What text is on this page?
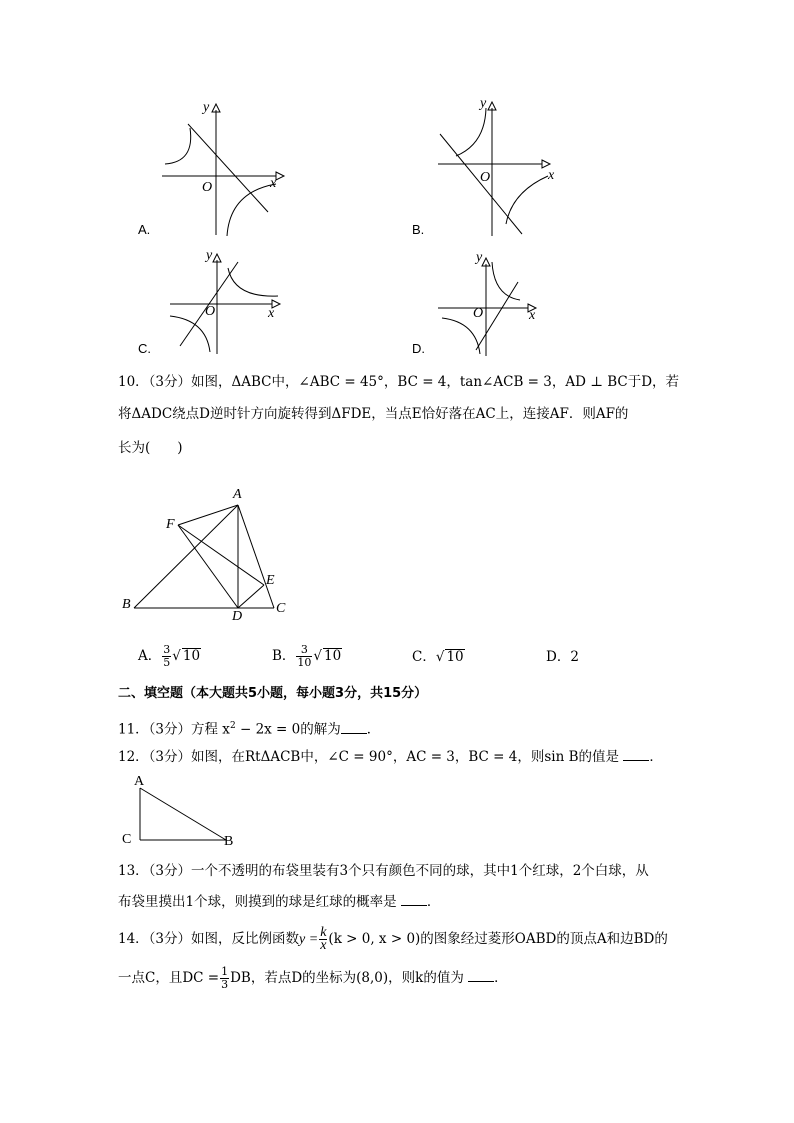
y
x
O
A.
y
x
O
B.
y
x
O
C.
y
x
O
D.
10．（3分）如图，ΔABC中，∠ABC = 45°，BC = 4，tan∠ACB = 3，AD ⊥ BC于D，若
将ΔADC绕点D逆时针方向旋转得到ΔFDE，当点E恰好落在AC上，连接AF．则AF的
长为(　　)
A
F
E
B
D
C
A． $\frac{3}{5}$ √ 10	B． $\frac{3}{10}$ √ 10	C．√ 10	D．2
二、填空题（本大题共5小题，每小题3分，共15分）
11．（3分）方程 $x^2 - 2x = 0$的解为 ．
12．（3分）如图，在RtΔACB中，∠C = 90°，AC = 3，BC = 4，则sin B的值是 ．
A
C	B
13．（3分）一个不透明的布袋里装有3个只有颜色不同的球，其中1个红球，2个白球，从
布袋里摸出1个球，则摸到的球是红球的概率是 ．
14．（3分）如图，反比例函数$y = \frac{k}{x} (k > 0$, x > 0)的图象经过菱形OABD的顶点A和边BD的
一点C，且DC = $\frac{1}{3}$ DB，若点D的坐标为(8,0)，则k的值为 ．
